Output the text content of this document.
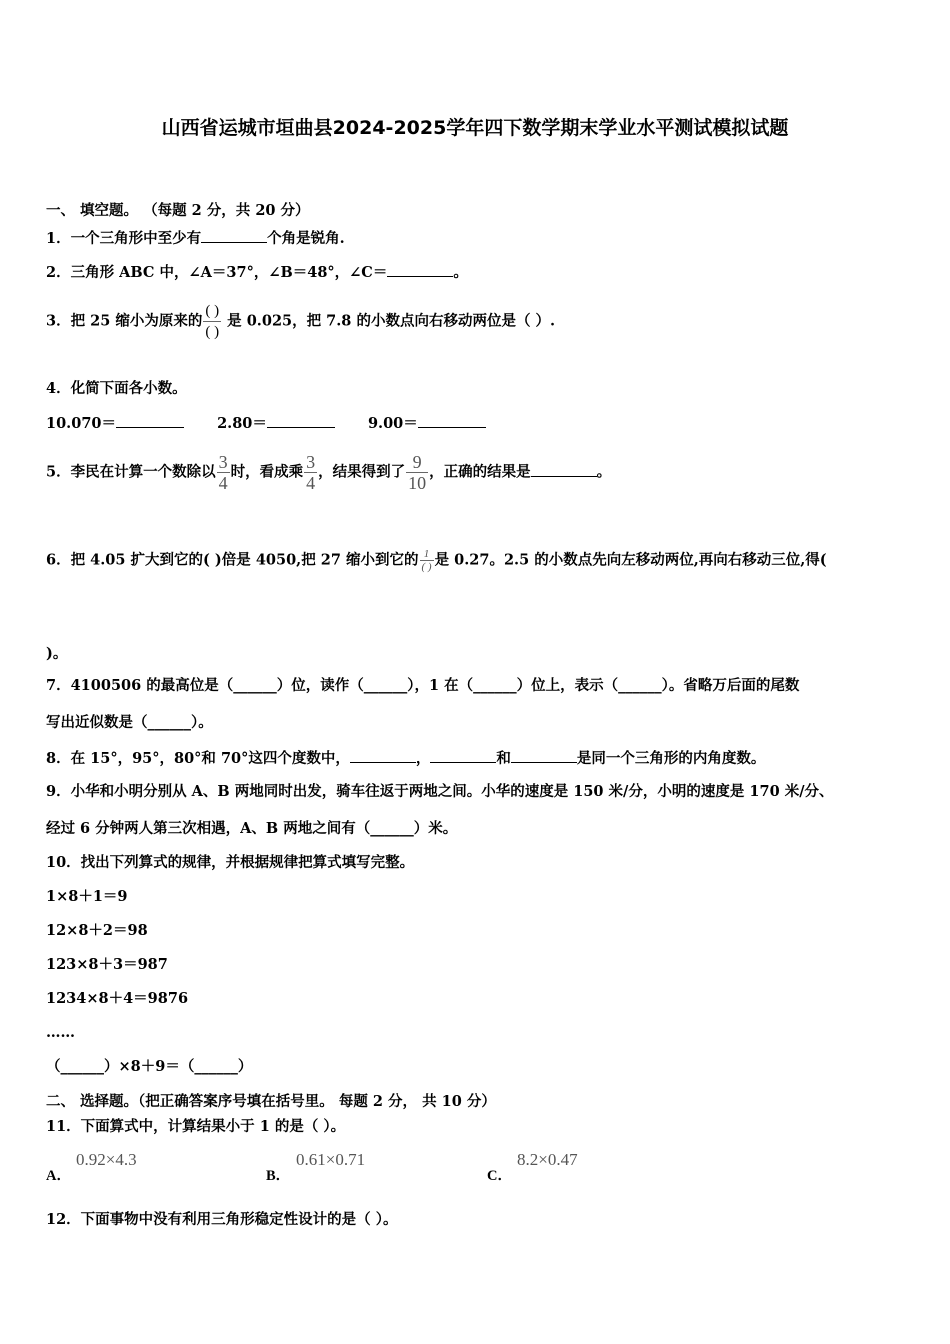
山西省运城市垣曲县2024-2025学年四下数学期末学业水平测试模拟试题
一、 填空题。 （每题 2 分，共 20 分）
1．一个三角形中至少有	个角是锐角.
2．三角形 ABC 中，∠A＝37°，∠B＝48°，∠C＝	。
3．把 25 缩小为原来的 $\frac{( )}{( )}$ 是 0.025，把 7.8 的小数点向右移动两位是（ ）.
4．化简下面各小数。
10.070＝	2.80＝	9.00＝
5．李民在计算一个数除以 $\frac{3}{4}$ 时，看成乘 $\frac{3}{4}$ ，结果得到了 $\frac{9}{10}$ ，正确的结果是	。
6．把 4.05 扩大到它的( )倍是 4050,把 27 缩小到它的 $\frac{1}{( )}$ 是 0.27。2.5 的小数点先向左移动两位,再向右移动三位,得(
)。
7．4100506 的最高位是（______）位，读作（______），1 在（______）位上，表示（______）。省略万后面的尾数
写出近似数是（______）。
8．在 15°，95°，80°和 70°这四个度数中，	，	和	是同一个三角形的内角度数。
9．小华和小明分别从 A、B 两地同时出发，骑车往返于两地之间。小华的速度是 150 米/分，小明的速度是 170 米/分、
经过 6 分钟两人第三次相遇，A、B 两地之间有（______）米。
10．找出下列算式的规律，并根据规律把算式填写完整。
1×8＋1＝9
12×8＋2＝98
123×8＋3＝987
1234×8＋4＝9876
……
（______）×8＋9＝（______）
二、 选择题。（把正确答案序号填在括号里。 每题 2 分， 共 10 分）
11．下面算式中，计算结果小于 1 的是（ ）。
A．
0.92×4.3
B．
0.61×0.71
C．
8.2×0.47
12．下面事物中没有利用三角形稳定性设计的是（ ）。
